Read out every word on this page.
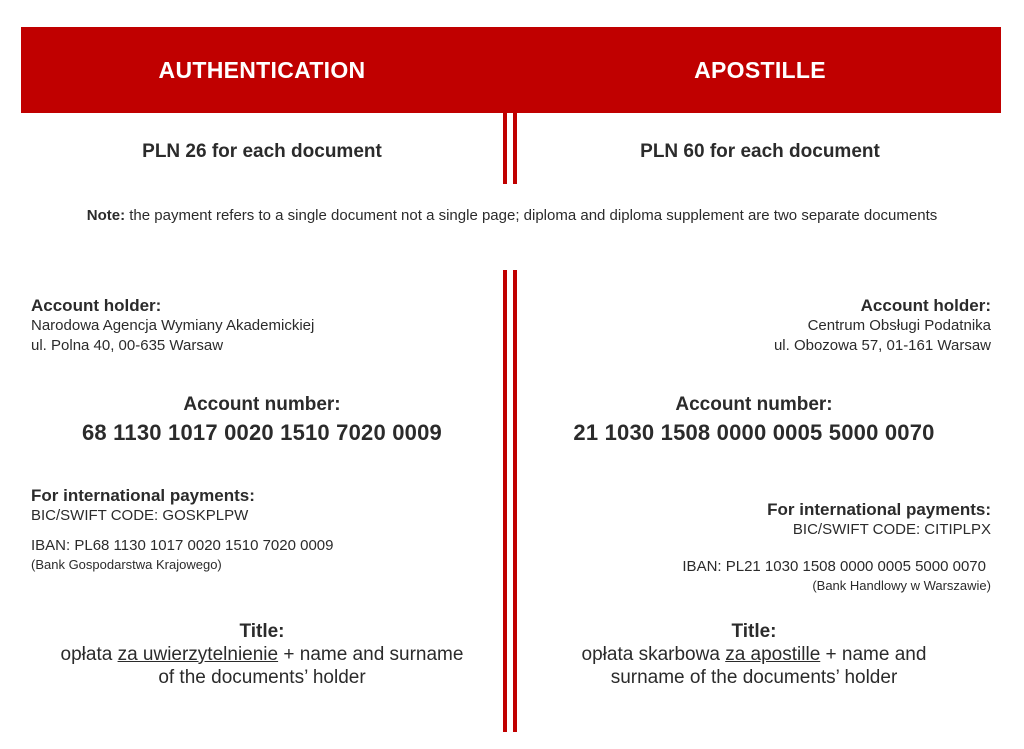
AUTHENTICATION	APOSTILLE
PLN 26 for each document	PLN 60 for each document
Note: the payment refers to a single document not a single page; diploma and diploma supplement are two separate documents
Account holder:
Narodowa Agencja Wymiany Akademickiej
ul. Polna 40, 00-635 Warsaw
Account number:
68 1130 1017 0020 1510 7020 0009
For international payments:
BIC/SWIFT CODE: GOSKPLPW
IBAN: PL68 1130 1017 0020 1510 7020 0009
(Bank Gospodarstwa Krajowego)
Title:
opłata za uwierzytelnienie + name and surname
of the documents’ holder
Account holder:
Centrum Obsługi Podatnika
ul. Obozowa 57, 01-161 Warsaw
Account number:
21 1030 1508 0000 0005 5000 0070
For international payments:
BIC/SWIFT CODE: CITIPLPX
IBAN: PL21 1030 1508 0000 0005 5000 0070
(Bank Handlowy w Warszawie)
Title:
opłata skarbowa za apostille + name and
surname of the documents’ holder
